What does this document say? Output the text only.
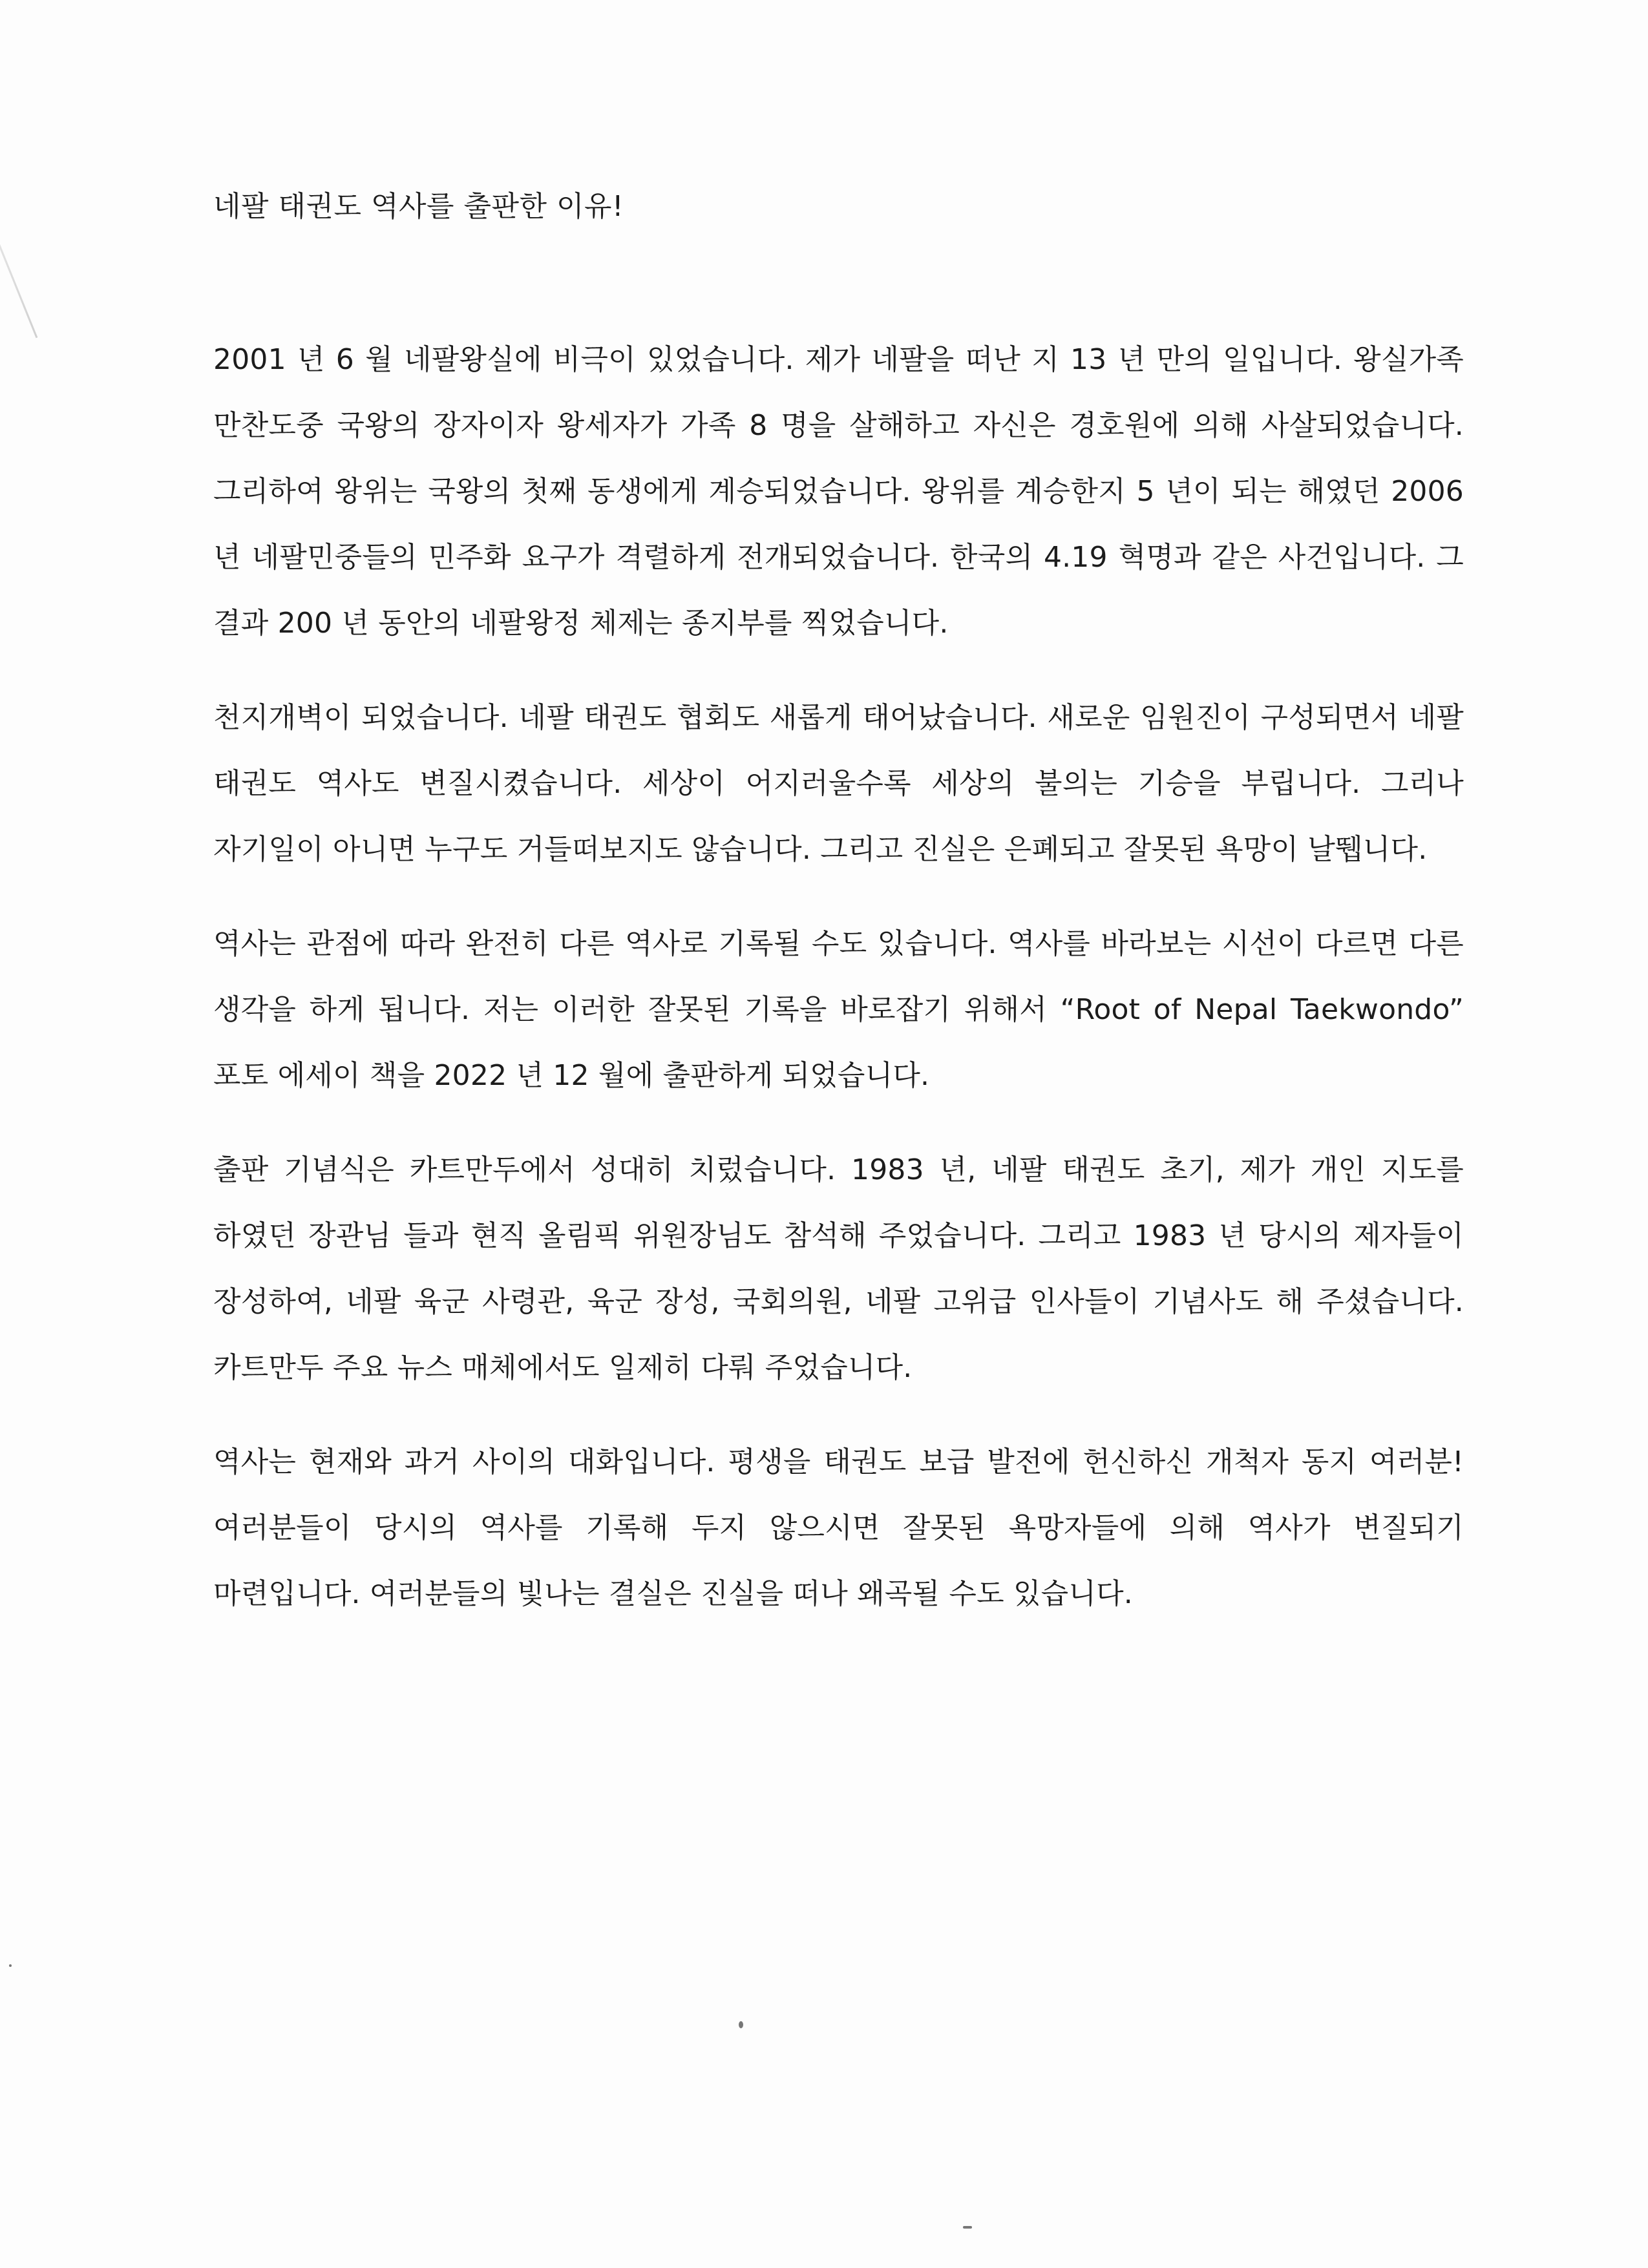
네팔 태권도 역사를 출판한 이유!

2001 년 6 월 네팔왕실에 비극이 있었습니다. 제가 네팔을 떠난 지 13 년 만의 일입니다. 왕실가족 만찬도중 국왕의 장자이자 왕세자가 가족 8 명을 살해하고 자신은 경호원에 의해 사살되었습니다. 그리하여 왕위는 국왕의 첫째 동생에게 계승되었습니다. 왕위를 계승한지 5 년이 되는 해였던 2006 년 네팔민중들의 민주화 요구가 격렬하게 전개되었습니다. 한국의 4.19 혁명과 같은 사건입니다. 그 결과 200 년 동안의 네팔왕정 체제는 종지부를 찍었습니다.

천지개벽이 되었습니다. 네팔 태권도 협회도 새롭게 태어났습니다. 새로운 임원진이 구성되면서 네팔 태권도 역사도 변질시켰습니다. 세상이 어지러울수록 세상의 불의는 기승을 부립니다. 그리나 자기일이 아니면 누구도 거들떠보지도 않습니다. 그리고 진실은 은폐되고 잘못된 욕망이 날뛥니다.

역사는 관점에 따라 완전히 다른 역사로 기록될 수도 있습니다. 역사를 바라보는 시선이 다르면 다른 생각을 하게 됩니다. 저는 이러한 잘못된 기록을 바로잡기 위해서 “Root of Nepal Taekwondo” 포토 에세이 책을 2022 년 12 월에 출판하게 되었습니다.

출판 기념식은 카트만두에서 성대히 치렀습니다. 1983 년, 네팔 태권도 초기, 제가 개인 지도를 하였던 장관님 들과 현직 올림픽 위원장님도 참석해 주었습니다. 그리고 1983 년 당시의 제자들이 장성하여, 네팔 육군 사령관, 육군 장성, 국회의원, 네팔 고위급 인사들이 기념사도 해 주셨습니다. 카트만두 주요 뉴스 매체에서도 일제히 다뤄 주었습니다.

역사는 현재와 과거 사이의 대화입니다. 평생을 태권도 보급 발전에 헌신하신 개척자 동지 여러분! 여러분들이 당시의 역사를 기록해 두지 않으시면 잘못된 욕망자들에 의해 역사가 변질되기 마련입니다. 여러분들의 빛나는 결실은 진실을 떠나 왜곡될 수도 있습니다.
